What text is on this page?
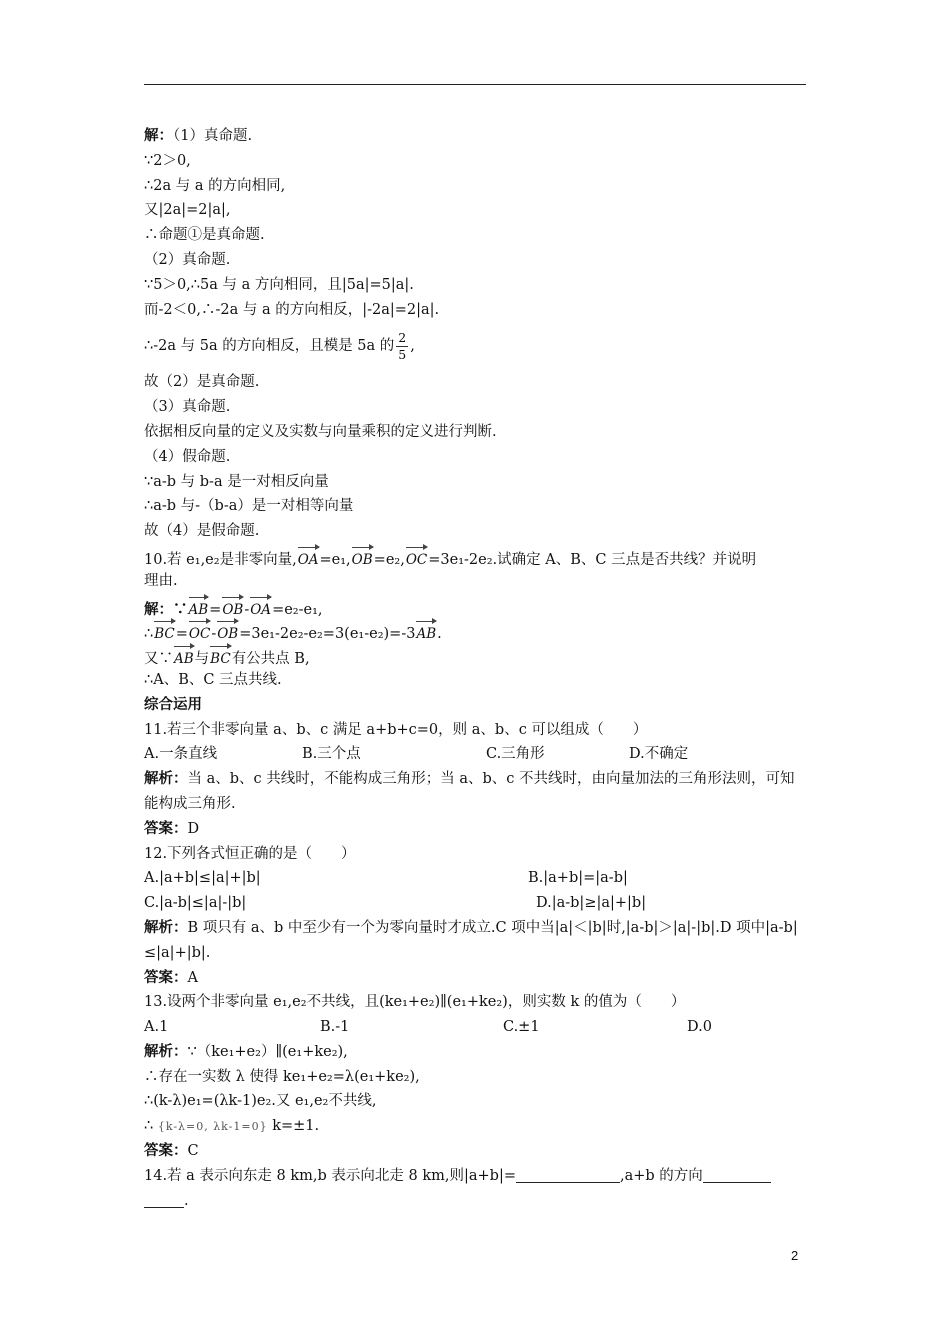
解：（1）真命题.
∵2＞0,
∴2a 与 a 的方向相同,
又|2a|=2|a|,
∴命题①是真命题.
（2）真命题.
∵5＞0,∴5a 与 a 方向相同，且|5a|=5|a|.
而-2＜0,∴-2a 与 a 的方向相反，|-2a|=2|a|.
∴-2a 与 5a 的方向相反，且模是 5a 的 $\frac{2}{5}$ ,
故（2）是真命题.
（3）真命题.
依据相反向量的定义及实数与向量乘积的定义进行判断.
（4）假命题.
∵a-b 与 b-a 是一对相反向量
∴a-b 与-（b-a）是一对相等向量
故（4）是假命题.
10.若 e₁,e₂是非零向量,OA=e₁,OB=e₂,OC=3e₁-2e₂.试确定 A、B、C 三点是否共线？并说明
理由.
解：∵AB=OB-OA=e₂-e₁,
∴BC=OC-OB=3e₁-2e₂-e₂=3(e₁-e₂)=-3AB.
又∵AB与BC有公共点 B,
∴A、B、C 三点共线.
综合运用
11.若三个非零向量 a、b、c 满足 a+b+c=0，则 a、b、c 可以组成（　　）
A.一条直线	B.三个点	C.三角形	D.不确定
解析：当 a、b、c 共线时，不能构成三角形；当 a、b、c 不共线时，由向量加法的三角形法则，可知能构成三角形.
答案：D
12.下列各式恒正确的是（　　）
A.|a+b|≤|a|+|b|	B.|a+b|=|a-b|
C.|a-b|≤|a|-|b|	D.|a-b|≥|a|+|b|
解析：B 项只有 a、b 中至少有一个为零向量时才成立.C 项中当|a|＜|b|时,|a-b|＞|a|-|b|.D 项中|a-b|≤|a|+|b|.
答案：A
13.设两个非零向量 e₁,e₂不共线，且(ke₁+e₂)∥(e₁+ke₂)，则实数 k 的值为（　　）
A.1	B.-1	C.±1	D.0
解析：∵（ke₁+e₂）∥(e₁+ke₂),
∴存在一实数 λ 使得 ke₁+e₂=λ(e₁+ke₂),
∴(k-λ)e₁=(λk-1)e₂.又 e₁,e₂不共线,
∴ {k-λ=0, λk-1=0} k=±1.
答案：C
14.若 a 表示向东走 8 km,b 表示向北走 8 km,则|a+b|=	,a+b 的方向
.
2
